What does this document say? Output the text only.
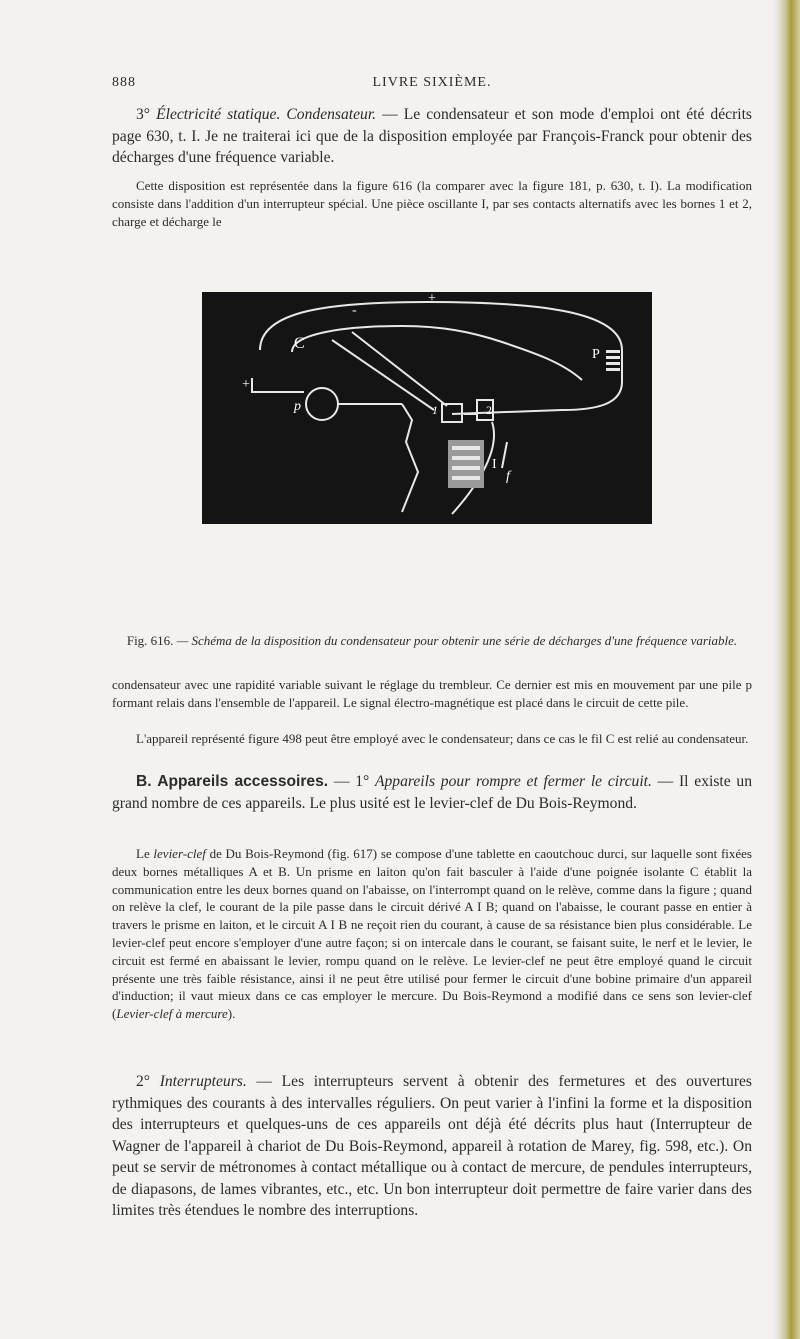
888	LIVRE SIXIÈME.

3° Électricité statique. Condensateur. — Le condensateur et son mode d'emploi ont été décrits page 630, t. I. Je ne traiterai ici que de la disposition employée par François-Franck pour obtenir des décharges d'une fréquence variable.

Cette disposition est représentée dans la figure 616 (la comparer avec la figure 181, p. 630, t. I). La modification consiste dans l'addition d'un interrupteur spécial. Une pièce oscillante I, par ses contacts alternatifs avec les bornes 1 et 2, charge et décharge le

C
+
-
P
+
p	1	2
I
f
Fig. 616. — Schéma de la disposition du condensateur pour obtenir une série de décharges d'une fréquence variable.

condensateur avec une rapidité variable suivant le réglage du trembleur. Ce dernier est mis en mouvement par une pile p formant relais dans l'ensemble de l'appareil. Le signal électro-magnétique est placé dans le circuit de cette pile.

L'appareil représenté figure 498 peut être employé avec le condensateur; dans ce cas le fil C est relié au condensateur.

B. Appareils accessoires. — 1° Appareils pour rompre et fermer le circuit. — Il existe un grand nombre de ces appareils. Le plus usité est le levier-clef de Du Bois-Reymond.

Le levier-clef de Du Bois-Reymond (fig. 617) se compose d'une tablette en caoutchouc durci, sur laquelle sont fixées deux bornes métalliques A et B. Un prisme en laiton qu'on fait basculer à l'aide d'une poignée isolante C établit la communication entre les deux bornes quand on l'abaisse, on l'interrompt quand on le relève, comme dans la figure ; quand on relève la clef, le courant de la pile passe dans le circuit dérivé A I B; quand on l'abaisse, le courant passe en entier à travers le prisme en laiton, et le circuit A I B ne reçoit rien du courant, à cause de sa résistance bien plus considérable. Le levier-clef peut encore s'employer d'une autre façon; si on intercale dans le courant, se faisant suite, le nerf et le levier, le circuit est fermé en abaissant le levier, rompu quand on le relève. Le levier-clef ne peut être employé quand le circuit présente une très faible résistance, ainsi il ne peut être utilisé pour fermer le circuit d'une bobine primaire d'un appareil d'induction; il vaut mieux dans ce cas employer le mercure. Du Bois-Reymond a modifié dans ce sens son levier-clef (Levier-clef à mercure).

2° Interrupteurs. — Les interrupteurs servent à obtenir des fermetures et des ouvertures rythmiques des courants à des intervalles réguliers. On peut varier à l'infini la forme et la disposition des interrupteurs et quelques-uns de ces appareils ont déjà été décrits plus haut (Interrupteur de Wagner de l'appareil à chariot de Du Bois-Reymond, appareil à rotation de Marey, fig. 598, etc.). On peut se servir de métronomes à contact métallique ou à contact de mercure, de pendules interrupteurs, de diapasons, de lames vibrantes, etc., etc. Un bon interrupteur doit permettre de faire varier dans des limites très étendues le nombre des interruptions.
